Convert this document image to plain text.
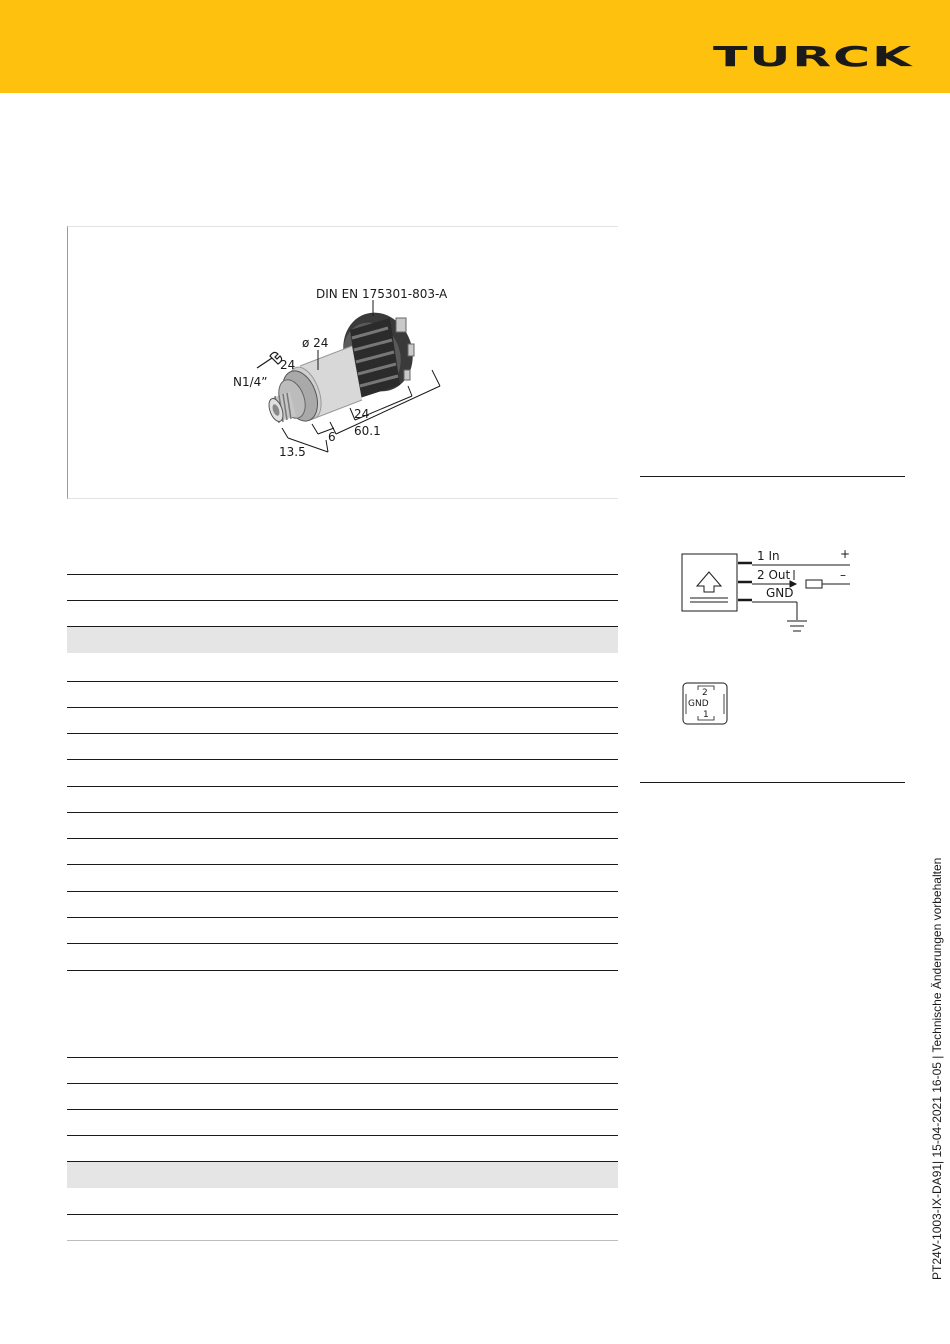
TURCK
DIN EN 175301-803-A
ø 24
24
N1/4”
24
60.1
6
13.5
1 In
2 Out
GND
+
–
2
GND
1
PT24V-1003-IX-DA91| 15-04-2021 16-05 | Technische Änderungen vorbehalten
